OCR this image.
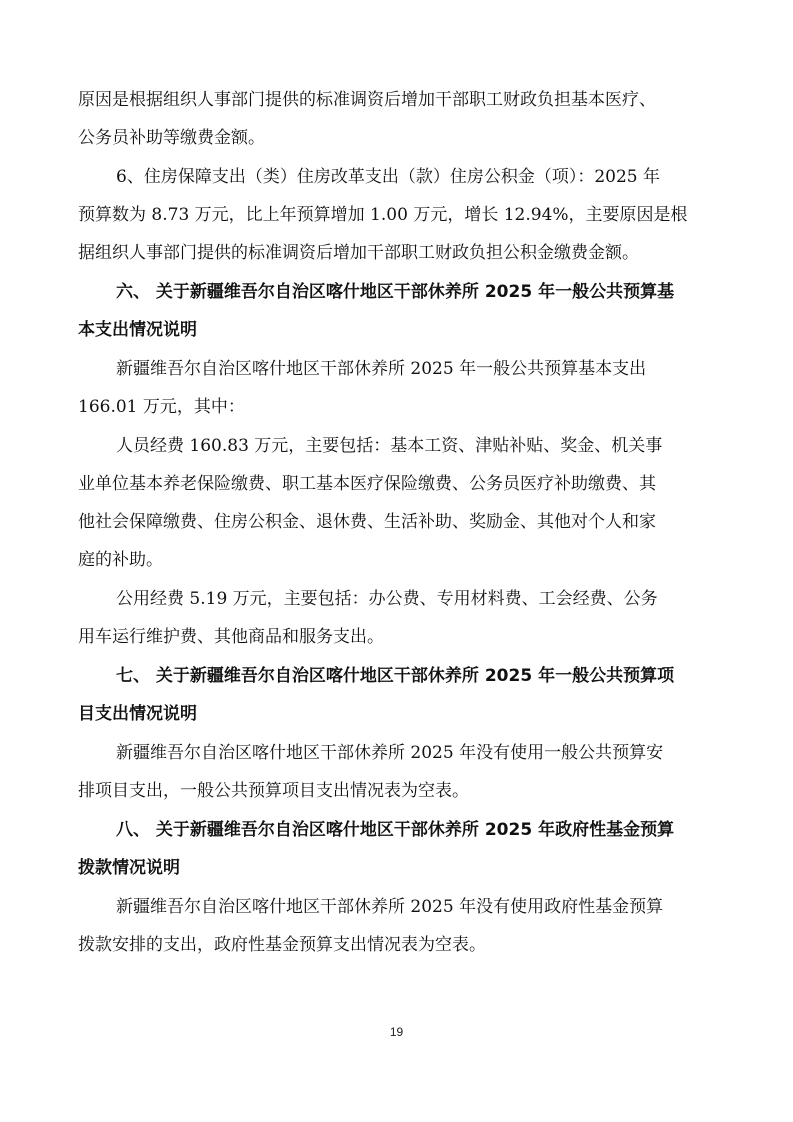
原因是根据组织人事部门提供的标准调资后增加干部职工财政负担基本医疗、
公务员补助等缴费金额。
6、住房保障支出（类）住房改革支出（款）住房公积金（项）：2025 年
预算数为 8.73 万元，比上年预算增加 1.00 万元，增长 12.94%，主要原因是根
据组织人事部门提供的标准调资后增加干部职工财政负担公积金缴费金额。
六、 关于新疆维吾尔自治区喀什地区干部休养所 2025 年一般公共预算基
本支出情况说明
新疆维吾尔自治区喀什地区干部休养所 2025 年一般公共预算基本支出
166.01 万元，其中：
人员经费 160.83 万元，主要包括：基本工资、津贴补贴、奖金、机关事
业单位基本养老保险缴费、职工基本医疗保险缴费、公务员医疗补助缴费、其
他社会保障缴费、住房公积金、退休费、生活补助、奖励金、其他对个人和家
庭的补助。
公用经费 5.19 万元，主要包括：办公费、专用材料费、工会经费、公务
用车运行维护费、其他商品和服务支出。
七、 关于新疆维吾尔自治区喀什地区干部休养所 2025 年一般公共预算项
目支出情况说明
新疆维吾尔自治区喀什地区干部休养所 2025 年没有使用一般公共预算安
排项目支出，一般公共预算项目支出情况表为空表。
八、 关于新疆维吾尔自治区喀什地区干部休养所 2025 年政府性基金预算
拨款情况说明
新疆维吾尔自治区喀什地区干部休养所 2025 年没有使用政府性基金预算
拨款安排的支出，政府性基金预算支出情况表为空表。
19
